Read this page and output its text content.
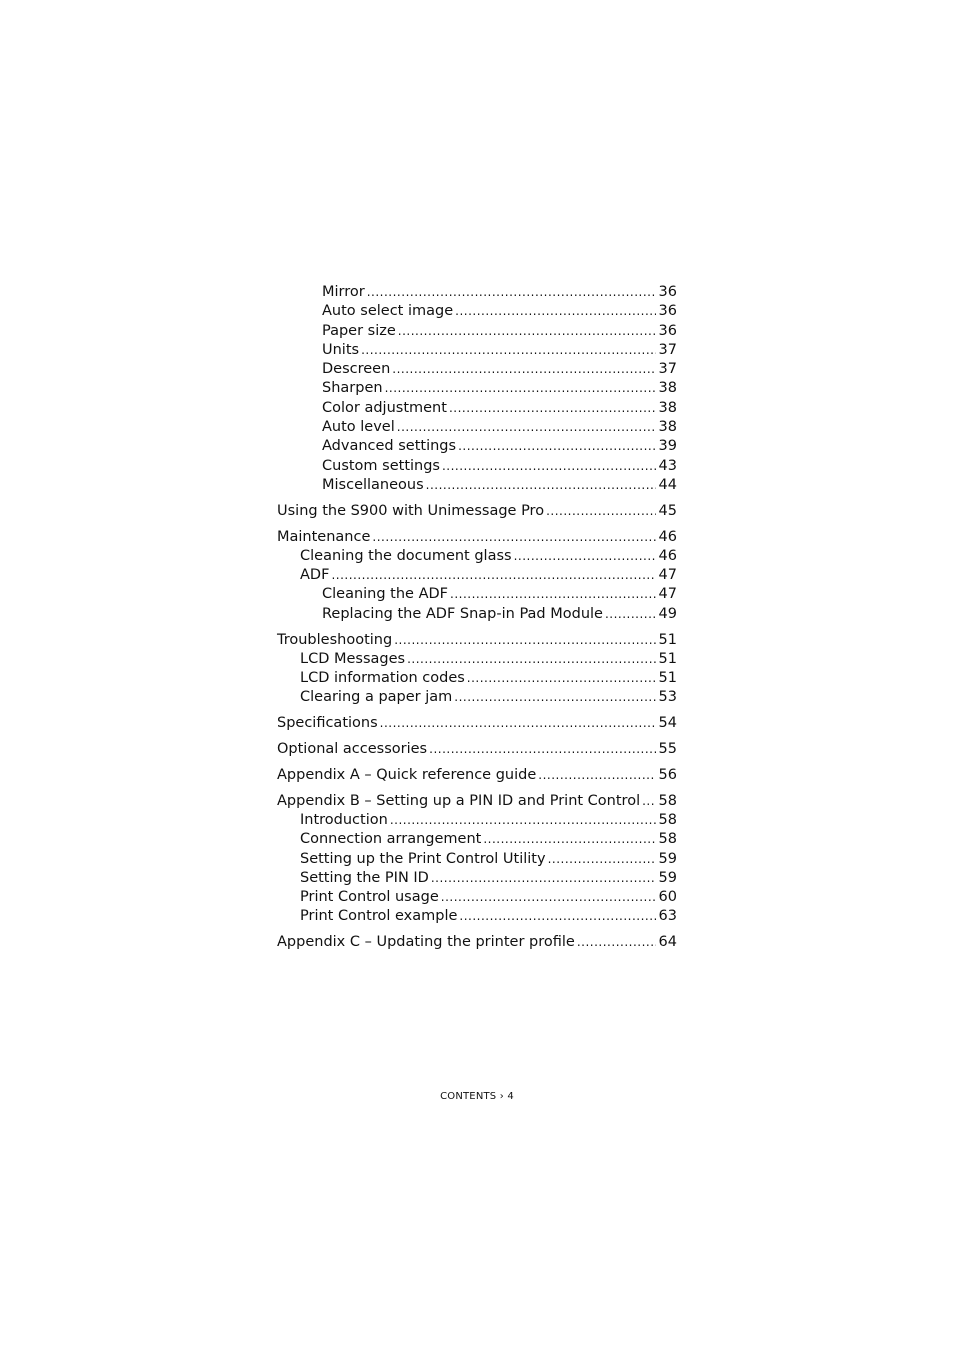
Mirror .....	36
Auto select image .....	36
Paper size .....	36
Units .....	37
Descreen .....	37
Sharpen .....	38
Color adjustment .....	38
Auto level .....	38
Advanced settings .....	39
Custom settings .....	43
Miscellaneous .....	44
Using the S900 with Unimessage Pro .....	45
Maintenance .....	46
Cleaning the document glass .....	46
ADF .....	47
Cleaning the ADF .....	47
Replacing the ADF Snap-in Pad Module .....	49
Troubleshooting .....	51
LCD Messages .....	51
LCD information codes .....	51
Clearing a paper jam .....	53
Specifications .....	54
Optional accessories .....	55
Appendix A – Quick reference guide .....	56
Appendix B – Setting up a PIN ID and Print Control ..... 58
Introduction .....	58
Connection arrangement .....	58
Setting up the Print Control Utility .....	59
Setting the PIN ID .....	59
Print Control usage .....	60
Print Control example .....	63
Appendix C – Updating the printer profile .....	64
CONTENTS › 4
